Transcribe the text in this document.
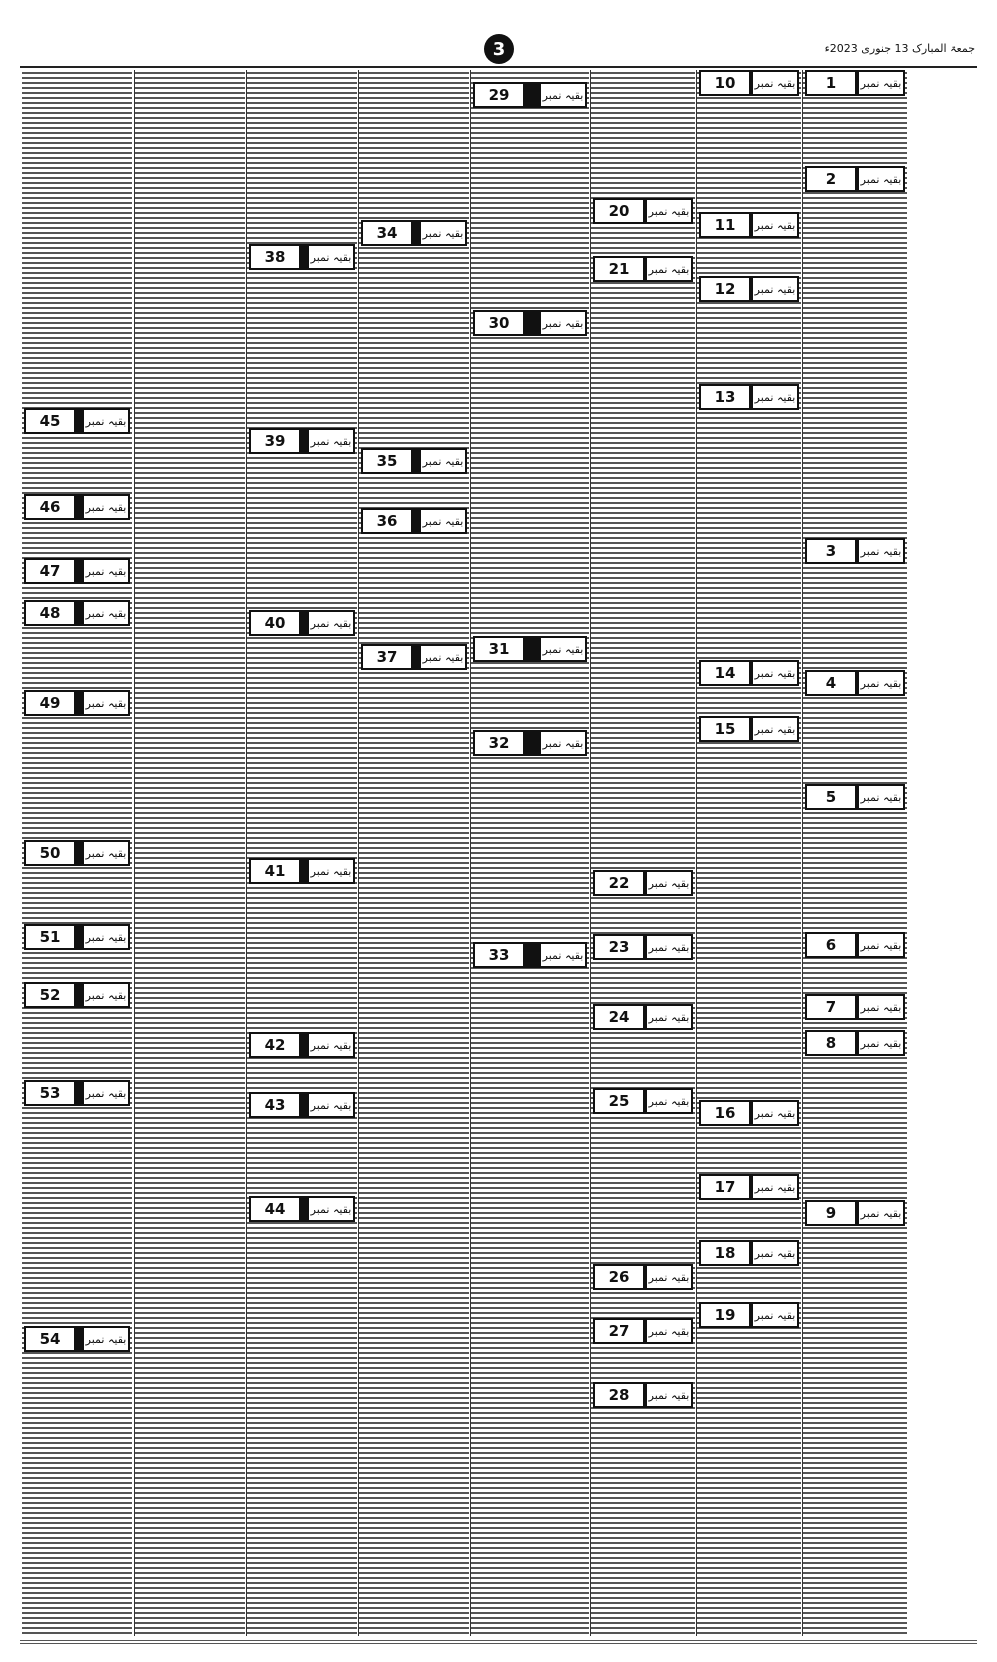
3	جمعۃ المبارک 13 جنوری 2023ء
1	بقیہ نمبر
2	بقیہ نمبر
3	بقیہ نمبر
4	بقیہ نمبر
5	بقیہ نمبر
6	بقیہ نمبر
7	بقیہ نمبر
8	بقیہ نمبر
9	بقیہ نمبر
10	بقیہ نمبر
11	بقیہ نمبر
12	بقیہ نمبر
13	بقیہ نمبر
14	بقیہ نمبر
15	بقیہ نمبر
16	بقیہ نمبر
17	بقیہ نمبر
18	بقیہ نمبر
19	بقیہ نمبر
20	بقیہ نمبر
21	بقیہ نمبر
22	بقیہ نمبر
23	بقیہ نمبر
24	بقیہ نمبر
25	بقیہ نمبر
26	بقیہ نمبر
27	بقیہ نمبر
28	بقیہ نمبر
29	بقیہ نمبر
30	بقیہ نمبر
31	بقیہ نمبر
32	بقیہ نمبر
33	بقیہ نمبر
34	بقیہ نمبر
35	بقیہ نمبر
36	بقیہ نمبر
37	بقیہ نمبر
38	بقیہ نمبر
39	بقیہ نمبر
40	بقیہ نمبر
41	بقیہ نمبر
42	بقیہ نمبر
43	بقیہ نمبر
44	بقیہ نمبر
45	بقیہ نمبر
46	بقیہ نمبر
47	بقیہ نمبر
48	بقیہ نمبر
49	بقیہ نمبر
50	بقیہ نمبر
51	بقیہ نمبر
52	بقیہ نمبر
53	بقیہ نمبر
54	بقیہ نمبر
